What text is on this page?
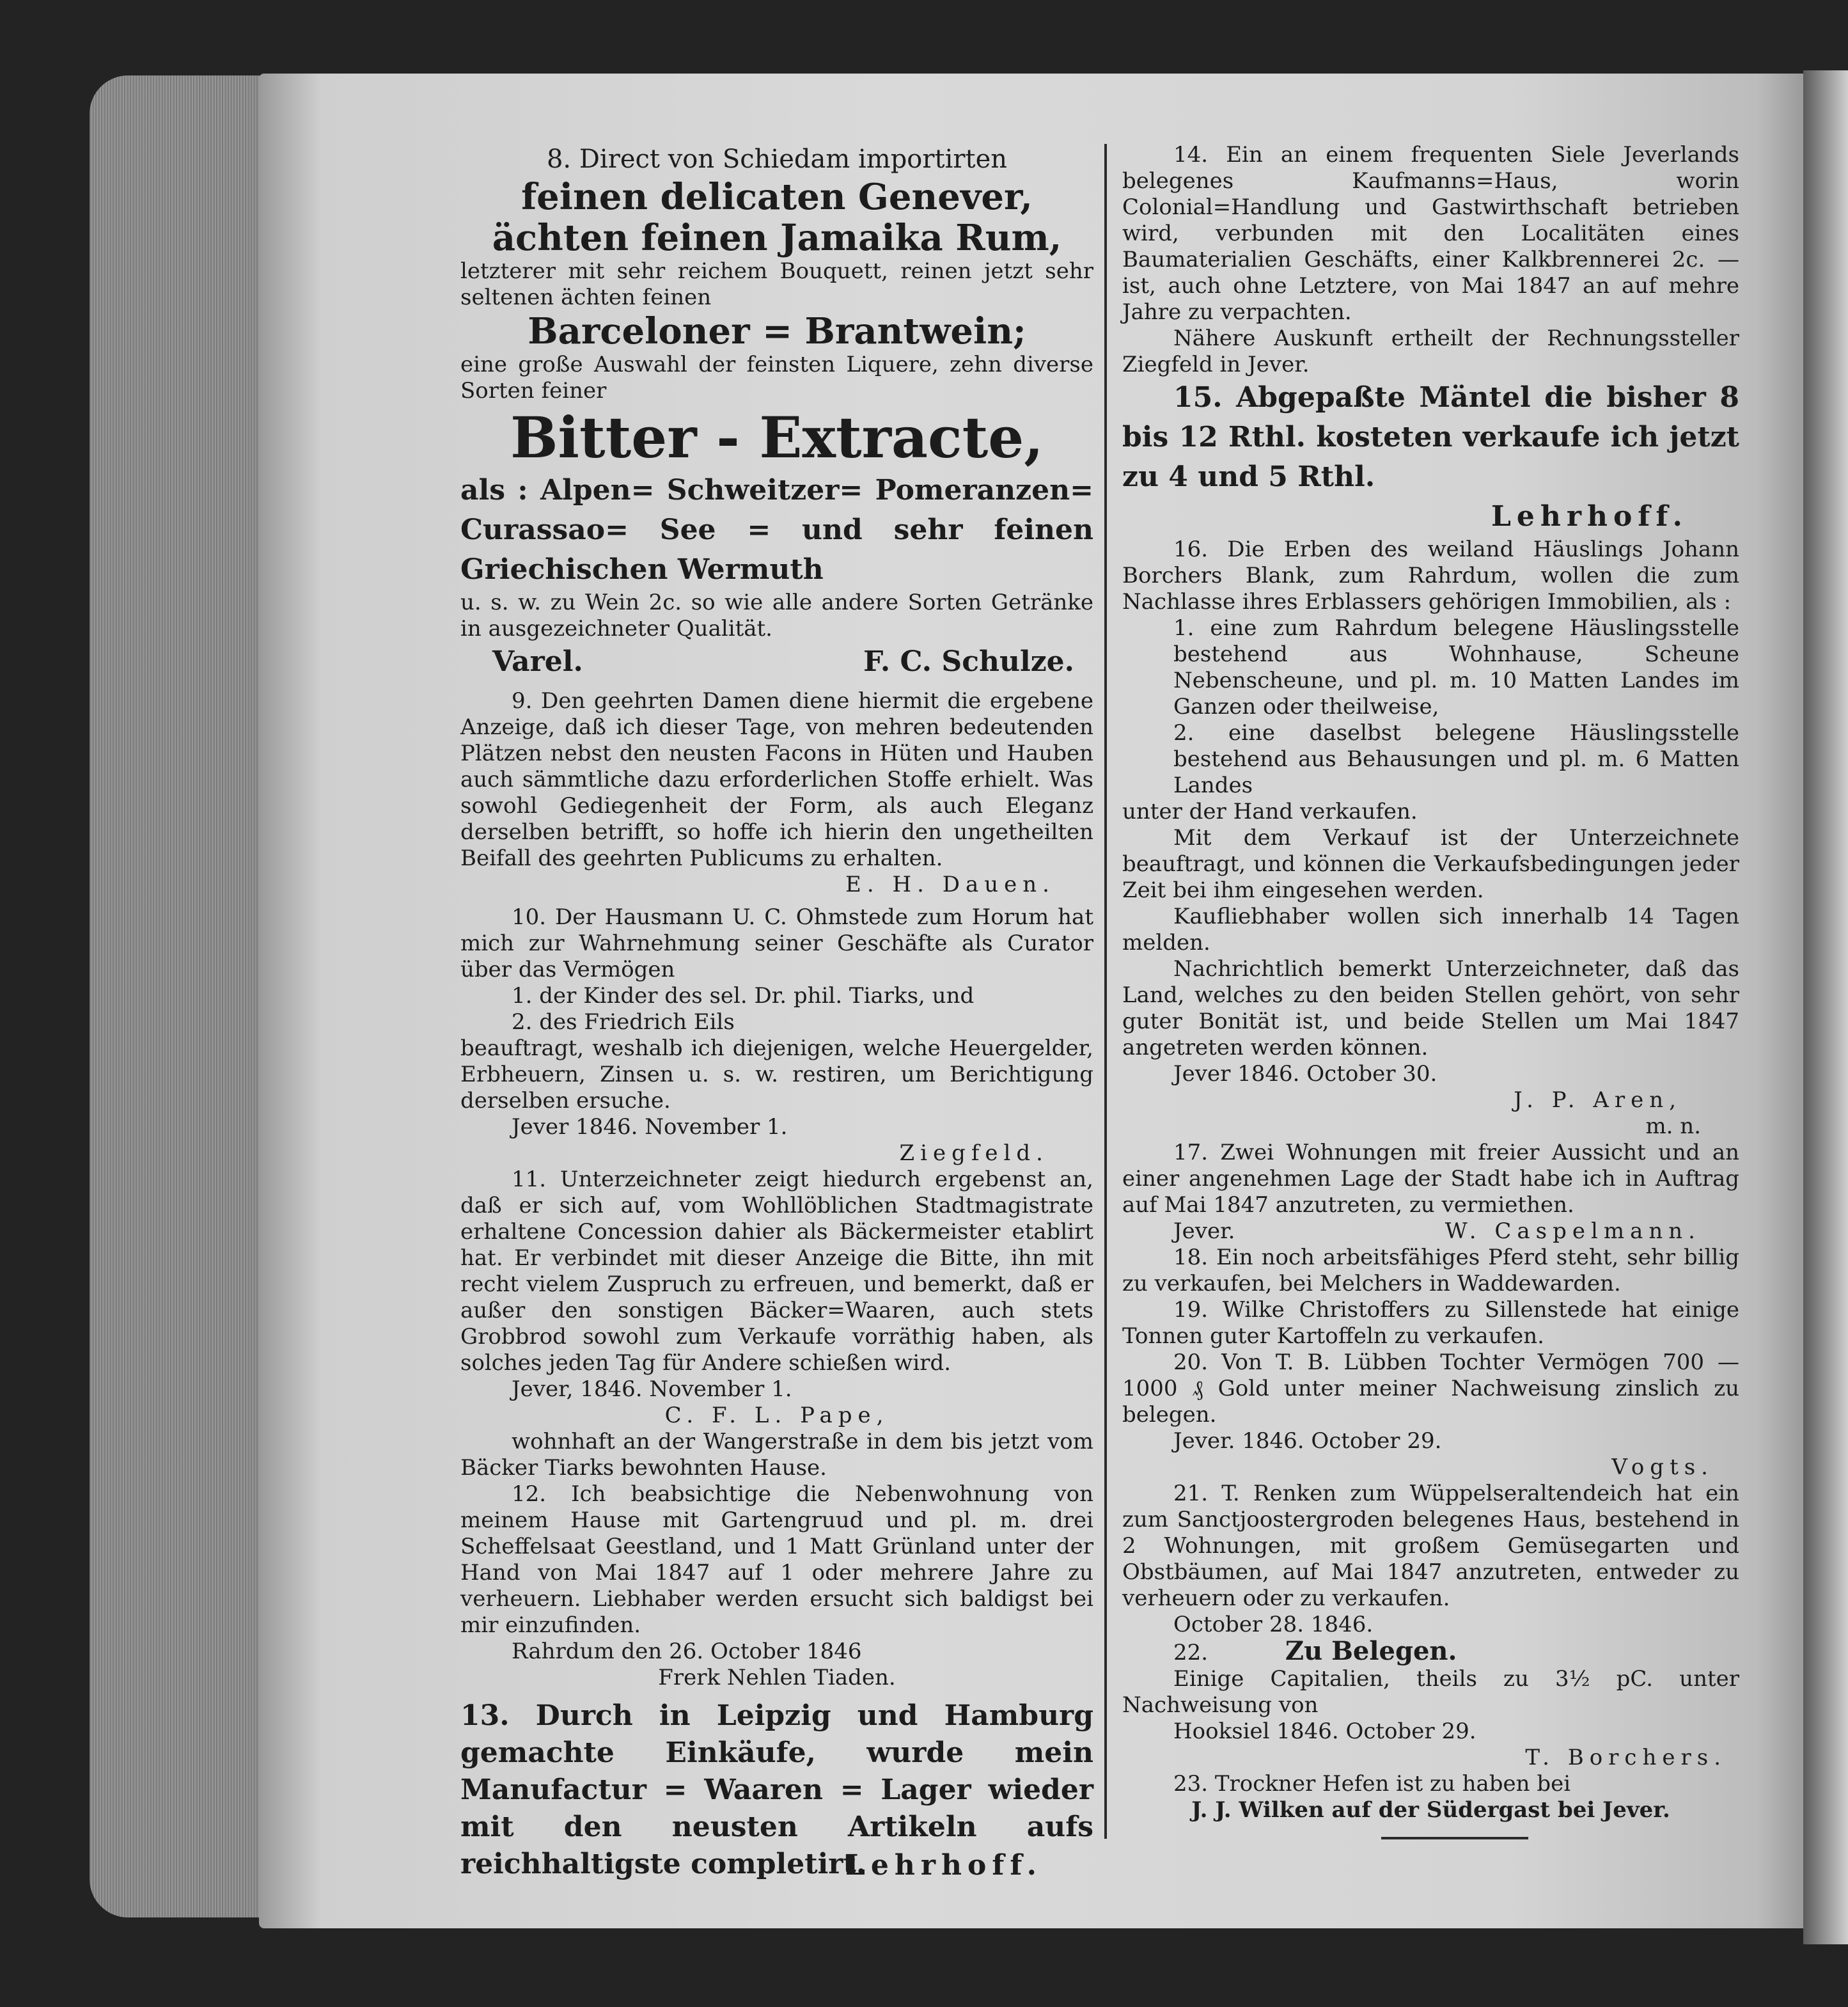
8. Direct von Schiedam importirten

feinen delicaten Genever, ächten feinen Jamaika Rum,

letzterer mit sehr reichem Bouquett, reinen jetzt sehr seltenen ächten feinen

Barceloner = Brantwein;

eine große Auswahl der feinsten Liquere, zehn diverse Sorten feiner

Bitter - Extracte,

als : Alpen= Schweitzer= Pomeranzen= Curassao= See = und sehr feinen Griechischen Wermuth

u. s. w. zu Wein 2c. so wie alle andere Sorten Getränke in ausgezeichneter Qualität.

Varel.	F. C. Schulze.

9. Den geehrten Damen diene hiermit die ergebene Anzeige, daß ich dieser Tage, von mehren bedeutenden Plätzen nebst den neusten Facons in Hüten und Hauben auch sämmtliche dazu erforderlichen Stoffe erhielt. Was sowohl Gediegenheit der Form, als auch Eleganz derselben betrifft, so hoffe ich hierin den ungetheilten Beifall des geehrten Publicums zu erhalten.

E. H. Dauen.

10. Der Hausmann U. C. Ohmstede zum Horum hat mich zur Wahrnehmung seiner Geschäfte als Curator über das Vermögen

1. der Kinder des sel. Dr. phil. Tiarks, und

2. des Friedrich Eils

beauftragt, weshalb ich diejenigen, welche Heuergelder, Erbheuern, Zinsen u. s. w. restiren, um Berichtigung derselben ersuche.

Jever 1846. November 1.

Ziegfeld.

11. Unterzeichneter zeigt hiedurch ergebenst an, daß er sich auf, vom Wohllöblichen Stadtmagistrate erhaltene Concession dahier als Bäckermeister etablirt hat. Er verbindet mit dieser Anzeige die Bitte, ihn mit recht vielem Zuspruch zu erfreuen, und bemerkt, daß er außer den sonstigen Bäcker=Waaren, auch stets Grobbrod sowohl zum Verkaufe vorräthig haben, als solches jeden Tag für Andere schießen wird.

Jever, 1846. November 1.

C. F. L. Pape,

wohnhaft an der Wangerstraße in dem bis jetzt vom Bäcker Tiarks bewohnten Hause.

12. Ich beabsichtige die Nebenwohnung von meinem Hause mit Gartengruud und pl. m. drei Scheffelsaat Geestland, und 1 Matt Grünland unter der Hand von Mai 1847 auf 1 oder mehrere Jahre zu verheuern. Liebhaber werden ersucht sich baldigst bei mir einzufinden.

Rahrdum den 26. October 1846

Frerk Nehlen Tiaden.

13. Durch in Leipzig und Hamburg gemachte Einkäufe, wurde mein Manufactur = Waaren = Lager wieder mit den neusten Artikeln aufs reichhaltigste completirt.

Lehrhoff.

14. Ein an einem frequenten Siele Jeverlands belegenes Kaufmanns=Haus, worin Colonial=Handlung und Gastwirthschaft betrieben wird, verbunden mit den Localitäten eines Baumaterialien Geschäfts, einer Kalkbrennerei 2c. — ist, auch ohne Letztere, von Mai 1847 an auf mehre Jahre zu verpachten.

Nähere Auskunft ertheilt der Rechnungssteller Ziegfeld in Jever.

15. Abgepaßte Mäntel die bisher 8 bis 12 Rthl. kosteten verkaufe ich jetzt zu 4 und 5 Rthl.

Lehrhoff.

16. Die Erben des weiland Häuslings Johann Borchers Blank, zum Rahrdum, wollen die zum Nachlasse ihres Erblassers gehörigen Immobilien, als :

1. eine zum Rahrdum belegene Häuslingsstelle bestehend aus Wohnhause, Scheune Nebenscheune, und pl. m. 10 Matten Landes im Ganzen oder theilweise,

2. eine daselbst belegene Häuslingsstelle bestehend aus Behausungen und pl. m. 6 Matten Landes

unter der Hand verkaufen.

Mit dem Verkauf ist der Unterzeichnete beauftragt, und können die Verkaufsbedingungen jeder Zeit bei ihm eingesehen werden.

Kaufliebhaber wollen sich innerhalb 14 Tagen melden.

Nachrichtlich bemerkt Unterzeichneter, daß das Land, welches zu den beiden Stellen gehört, von sehr guter Bonität ist, und beide Stellen um Mai 1847 angetreten werden können.

Jever 1846. October 30.

J. P. Aren,

m. n.

17. Zwei Wohnungen mit freier Aussicht und an einer angenehmen Lage der Stadt habe ich in Auftrag auf Mai 1847 anzutreten, zu vermiethen.

Jever.	W. Caspelmann.

18. Ein noch arbeitsfähiges Pferd steht, sehr billig zu verkaufen, bei Melchers in Waddewarden.

19. Wilke Christoffers zu Sillenstede hat einige Tonnen guter Kartoffeln zu verkaufen.

20. Von T. B. Lübben Tochter Vermögen 700 — 1000 ₰ Gold unter meiner Nachweisung zinslich zu belegen.

Jever. 1846. October 29.

Vogts.

21. T. Renken zum Wüppelseraltendeich hat ein zum Sanctjoostergroden belegenes Haus, bestehend in 2 Wohnungen, mit großem Gemüsegarten und Obstbäumen, auf Mai 1847 anzutreten, entweder zu verheuern oder zu verkaufen.

October 28. 1846.

22.	Zu Belegen.

Einige Capitalien, theils zu 3½ pC. unter Nachweisung von

Hooksiel 1846. October 29.

T. Borchers.

23. Trockner Hefen ist zu haben bei

J. J. Wilken auf der Südergast bei Jever.
